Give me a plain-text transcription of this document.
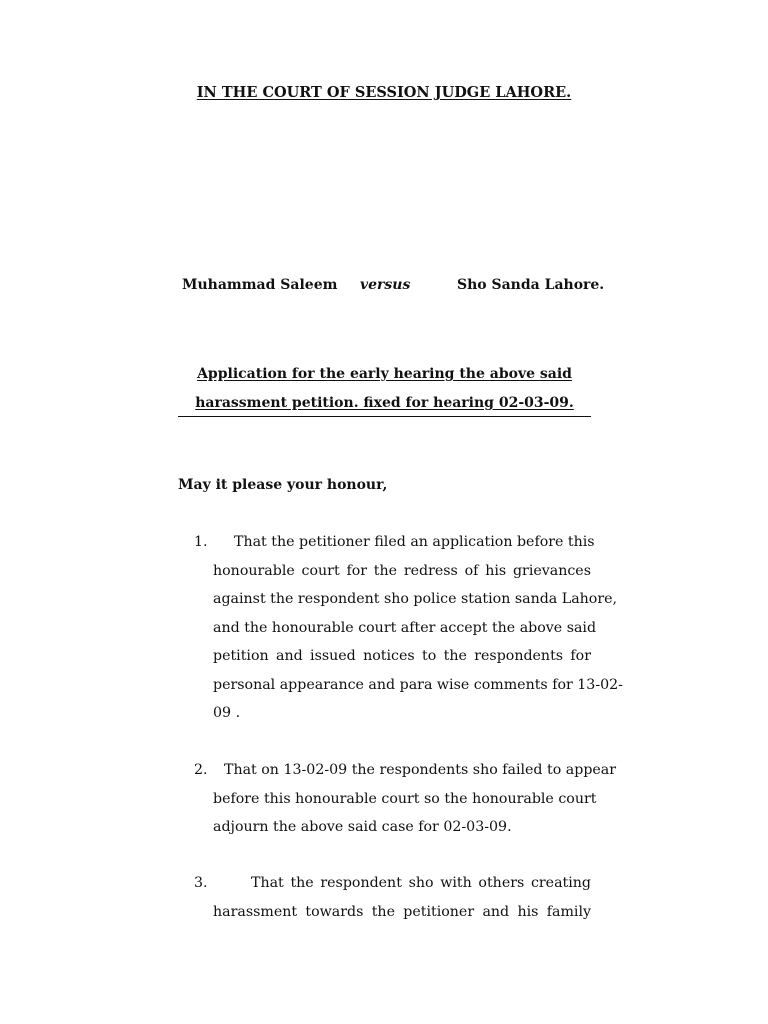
IN THE COURT OF SESSION JUDGE LAHORE.
Muhammad Saleem versus	Sho Sanda Lahore.
Application for the early hearing the above said
harassment petition. fixed for hearing 02-03-09.
May it please your honour,
1. That the petitioner filed an application before this
honourable court for the redress of his grievances
against the respondent sho police station sanda Lahore,
and the honourable court after accept the above said
petition and issued notices to the respondents for
personal appearance and para wise comments for 13-02-
09 .
2. That on 13-02-09 the respondents sho failed to appear
before this honourable court so the honourable court
adjourn the above said case for 02-03-09.
3.	That the respondent sho with others creating
harassment towards the petitioner and his family
